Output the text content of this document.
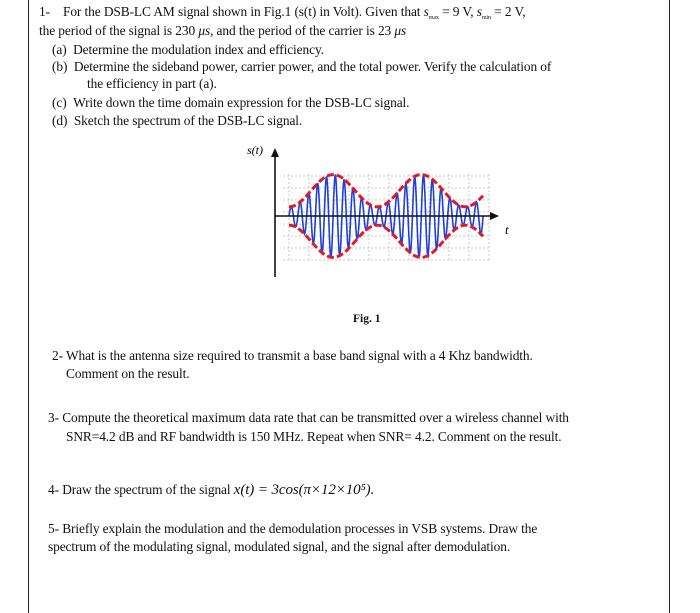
1- For the DSB-LC AM signal shown in Fig.1 (s(t) in Volt). Given that $s_{max} = 9$ V, $s_{min} = 2$ V,
the period of the signal is 230 μs, and the period of the carrier is 23 μs
(a) Determine the modulation index and efficiency.
(b) Determine the sideband power, carrier power, and the total power. Verify the calculation of
the efficiency in part (a).
(c) Write down the time domain expression for the DSB-LC signal.
(d) Sketch the spectrum of the DSB-LC signal.
s(t)
t
Fig. 1
2- What is the antenna size required to transmit a base band signal with a 4 Khz bandwidth.
Comment on the result.
3- Compute the theoretical maximum data rate that can be transmitted over a wireless channel with
SNR=4.2 dB and RF bandwidth is 150 MHz. Repeat when SNR= 4.2. Comment on the result.
4- Draw the spectrum of the signal x(t) = 3cos(π×12×10⁵).
5- Briefly explain the modulation and the demodulation processes in VSB systems. Draw the
spectrum of the modulating signal, modulated signal, and the signal after demodulation.
